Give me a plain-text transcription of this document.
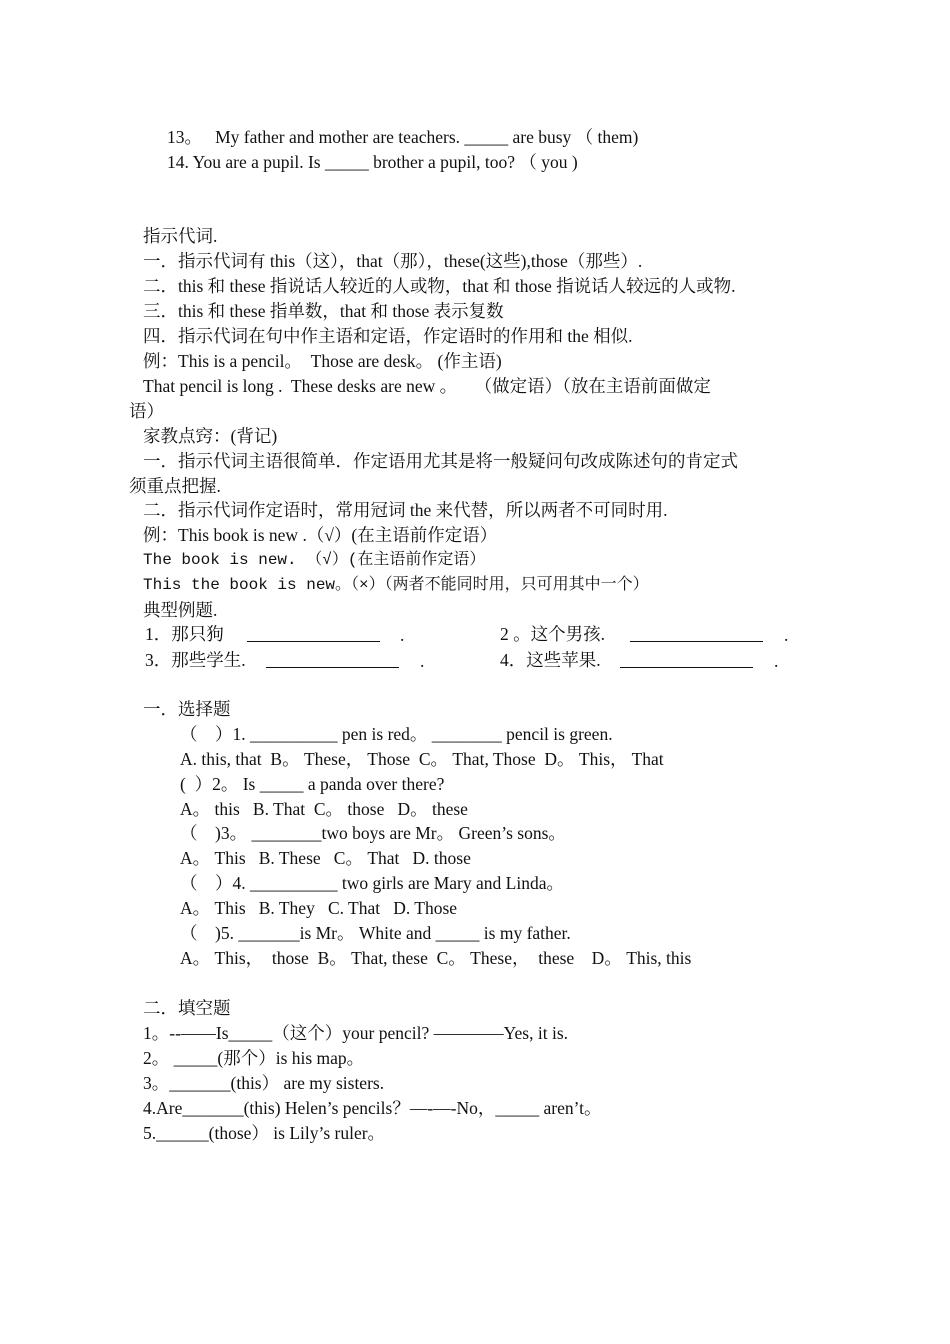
13。   My father and mother are teachers. _____ are busy （ them)
14. You are a pupil. Is _____ brother a pupil, too? （ you )
指示代词.
一．指示代词有 this（这），that（那），these(这些),those（那些）.
二．this 和 these 指说话人较近的人或物，that 和 those 指说话人较远的人或物.
三．this 和 these 指单数，that 和 those 表示复数
四．指示代词在句中作主语和定语，作定语时的作用和 the 相似.
例：This is a pencil。  Those are desk。 (作主语)
That pencil is long .  These desks are new 。    （做定语）（放在主语前面做定
语）
家教点窍：(背记)
一．指示代词主语很简单．作定语用尤其是将一般疑问句改成陈述句的肯定式
须重点把握.
二．指示代词作定语时，常用冠词 the 来代替，所以两者不可同时用.
例：This book is new .（√）(在主语前作定语）
The book is new. （√）(在主语前作定语）
This the book is new。（×）（两者不能同时用，只可用其中一个）
典型例题.
1．那只狗	.	2 。这个男孩.	.
3．那些学生.	.	4．这些苹果.	.
一．选择题
（    ）1. __________ pen is red。 ________ pencil is green.
A. this, that  B。 These， Those  C。 That, Those  D。 This， That
(  ）2。 Is _____ a panda over there?
A。 this   B. That  C。 those   D。 these
（    )3。 ________two boys are Mr。 Green’s sons。
A。 This   B. These   C。 That   D. those
（    ）4. __________ two girls are Mary and Linda。
A。 This   B. They   C. That   D. Those
（    )5. _______is Mr。 White and _____ is my father.
A。 This，  those  B。 That, these  C。 These，  these    D。 This, this
二．填空题
1。--——Is_____（这个）your pencil? ————Yes, it is.
2。 _____(那个）is his map。
3。_______(this） are my sisters.
4.Are_______(this) Helen’s pencils？—-—-No，_____ aren’t。
5.______(those） is Lily’s ruler。
